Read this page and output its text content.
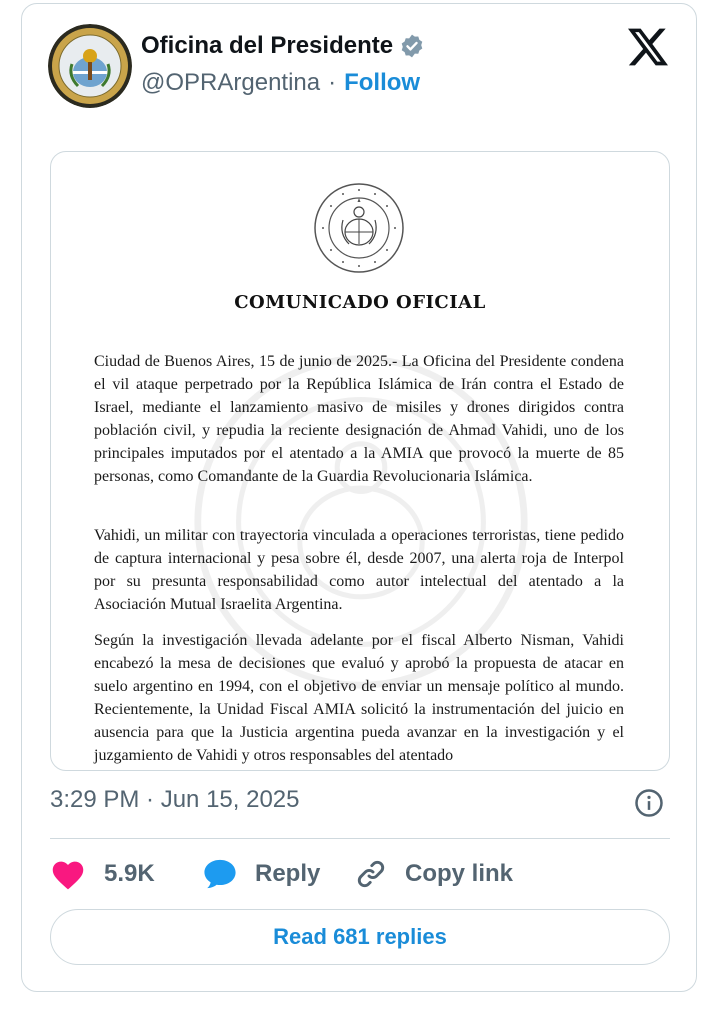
Oficina del Presidente
@OPRArgentina · Follow
COMUNICADO OFICIAL

Ciudad de Buenos Aires, 15 de junio de 2025.- La Oficina del Presidente condena el vil ataque perpetrado por la República Islámica de Irán contra el Estado de Israel, mediante el lanzamiento masivo de misiles y drones dirigidos contra población civil, y repudia la reciente designación de Ahmad Vahidi, uno de los principales imputados por el atentado a la AMIA que provocó la muerte de 85 personas, como Comandante de la Guardia Revolucionaria Islámica.

Vahidi, un militar con trayectoria vinculada a operaciones terroristas, tiene pedido de captura internacional y pesa sobre él, desde 2007, una alerta roja de Interpol por su presunta responsabilidad como autor intelectual del atentado a la Asociación Mutual Israelita Argentina.

Según la investigación llevada adelante por el fiscal Alberto Nisman, Vahidi encabezó la mesa de decisiones que evaluó y aprobó la propuesta de atacar en suelo argentino en 1994, con el objetivo de enviar un mensaje político al mundo. Recientemente, la Unidad Fiscal AMIA solicitó la instrumentación del juicio en ausencia para que la Justicia argentina pueda avanzar en la investigación y el juzgamiento de Vahidi y otros responsables del atentado

3:29 PM · Jun 15, 2025
5.9K	Reply	Copy link
Read 681 replies
